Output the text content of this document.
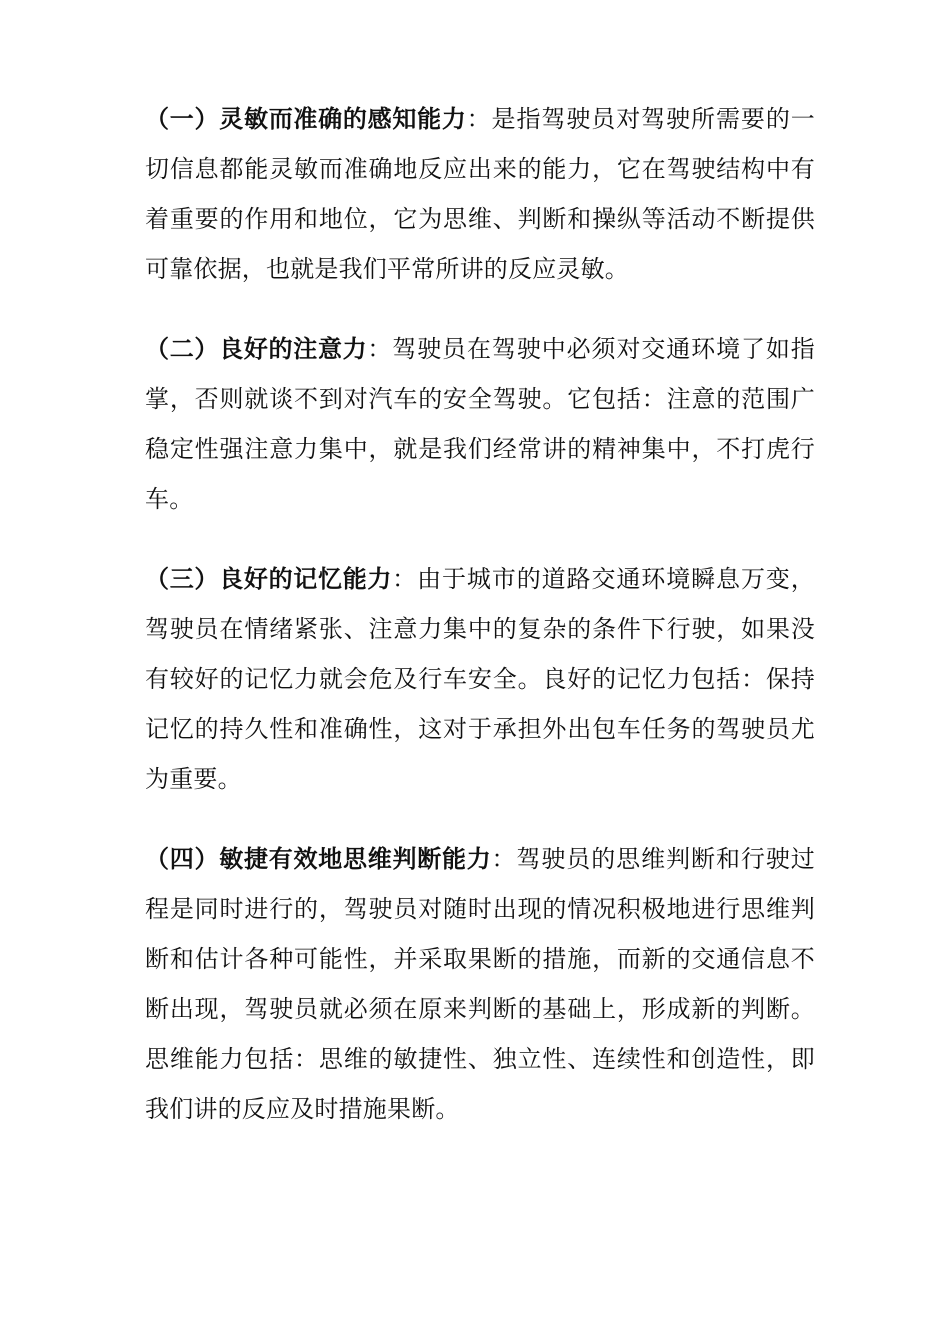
（一）灵敏而准确的感知能力：是指驾驶员对驾驶所需要的一切信息都能灵敏而准确地反应出来的能力，它在驾驶结构中有着重要的作用和地位，它为思维、判断和操纵等活动不断提供可靠依据，也就是我们平常所讲的反应灵敏。

（二）良好的注意力：驾驶员在驾驶中必须对交通环境了如指掌，否则就谈不到对汽车的安全驾驶。它包括：注意的范围广稳定性强注意力集中，就是我们经常讲的精神集中，不打虎行车。

（三）良好的记忆能力：由于城市的道路交通环境瞬息万变，驾驶员在情绪紧张、注意力集中的复杂的条件下行驶，如果没有较好的记忆力就会危及行车安全。良好的记忆力包括：保持记忆的持久性和准确性，这对于承担外出包车任务的驾驶员尤为重要。

（四）敏捷有效地思维判断能力：驾驶员的思维判断和行驶过程是同时进行的，驾驶员对随时出现的情况积极地进行思维判断和估计各种可能性，并采取果断的措施，而新的交通信息不断出现，驾驶员就必须在原来判断的基础上，形成新的判断。思维能力包括：思维的敏捷性、独立性、连续性和创造性，即我们讲的反应及时措施果断。
